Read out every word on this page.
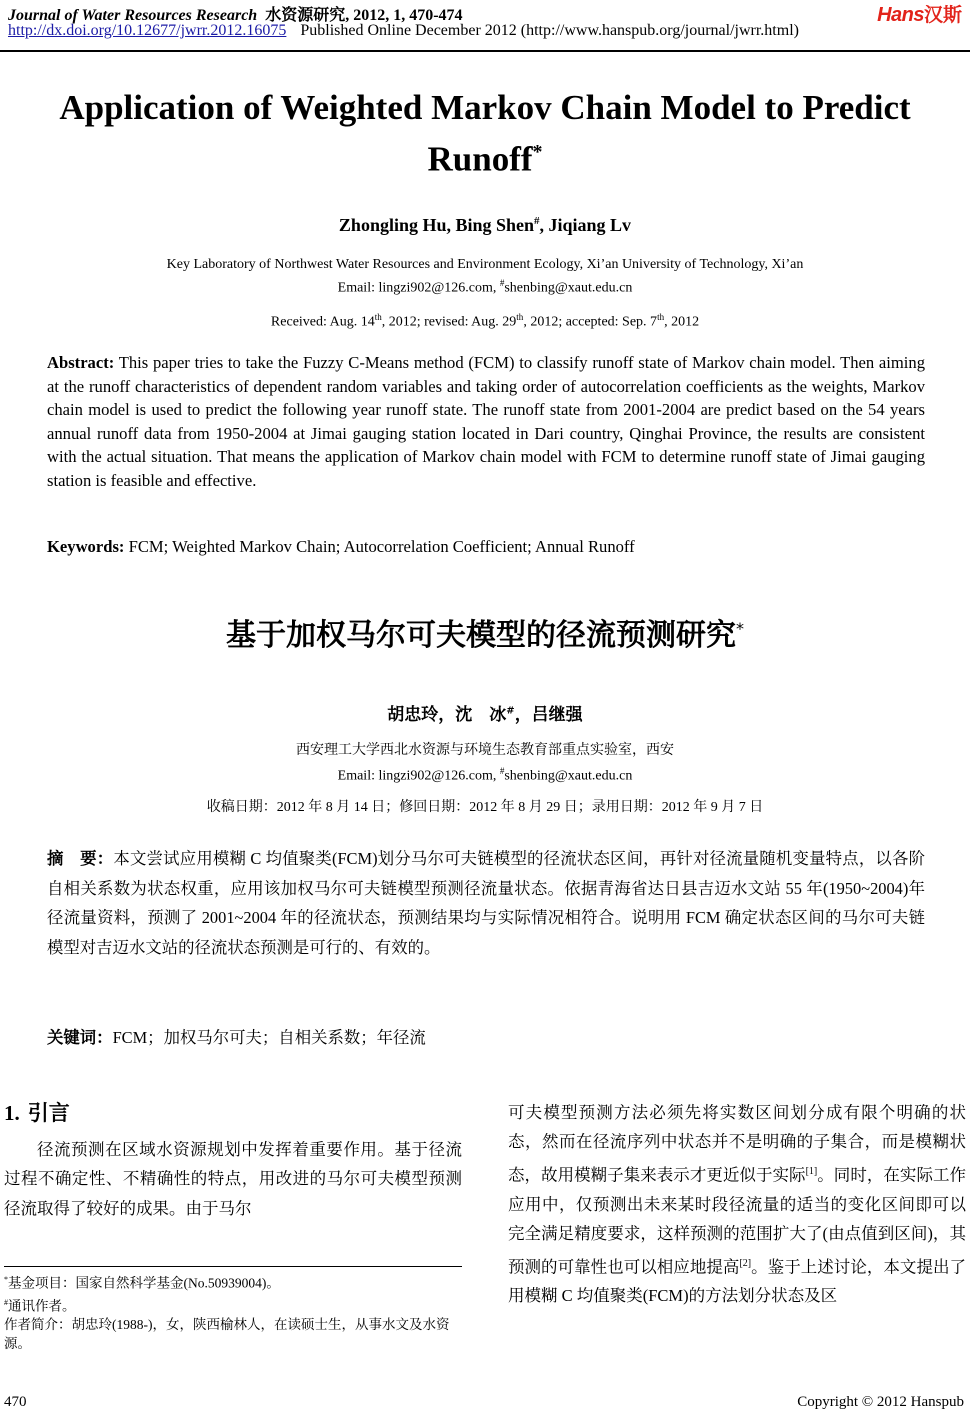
Journal of Water Resources Research 水资源研究, 2012, 1, 470-474	Hans汉斯
http://dx.doi.org/10.12677/jwrr.2012.16075 Published Online December 2012 (http://www.hanspub.org/journal/jwrr.html)
Application of Weighted Markov Chain Model to Predict Runoff*
Zhongling Hu, Bing Shen#, Jiqiang Lv
Key Laboratory of Northwest Water Resources and Environment Ecology, Xi’an University of Technology, Xi’an
Email: lingzi902@126.com, #shenbing@xaut.edu.cn
Received: Aug. 14th, 2012; revised: Aug. 29th, 2012; accepted: Sep. 7th, 2012
Abstract: This paper tries to take the Fuzzy C-Means method (FCM) to classify runoff state of Markov chain model. Then aiming at the runoff characteristics of dependent random variables and taking order of autocorrelation coefficients as the weights, Markov chain model is used to predict the following year runoff state. The runoff state from 2001-2004 are predict based on the 54 years annual runoff data from 1950-2004 at Jimai gauging station located in Dari country, Qinghai Province, the results are consistent with the actual situation. That means the application of Markov chain model with FCM to determine runoff state of Jimai gauging station is feasible and effective.
Keywords: FCM; Weighted Markov Chain; Autocorrelation Coefficient; Annual Runoff
基于加权马尔可夫模型的径流预测研究*
胡忠玲，沈　冰#，吕继强
西安理工大学西北水资源与环境生态教育部重点实验室，西安
Email: lingzi902@126.com, #shenbing@xaut.edu.cn
收稿日期：2012 年 8 月 14 日；修回日期：2012 年 8 月 29 日；录用日期：2012 年 9 月 7 日
摘　要：本文尝试应用模糊 C 均值聚类(FCM)划分马尔可夫链模型的径流状态区间，再针对径流量随机变量特点，以各阶自相关系数为状态权重，应用该加权马尔可夫链模型预测径流量状态。依据青海省达日县吉迈水文站 55 年(1950~2004)年径流量资料，预测了 2001~2004 年的径流状态，预测结果均与实际情况相符合。说明用 FCM 确定状态区间的马尔可夫链模型对吉迈水文站的径流状态预测是可行的、有效的。
关键词：FCM；加权马尔可夫；自相关系数；年径流
1. 引言
径流预测在区域水资源规划中发挥着重要作用。基于径流过程不确定性、不精确性的特点，用改进的马尔可夫模型预测径流取得了较好的成果。由于马尔
可夫模型预测方法必须先将实数区间划分成有限个明确的状态，然而在径流序列中状态并不是明确的子集合，而是模糊状态，故用模糊子集来表示才更近似于实际[1]。同时，在实际工作应用中，仅预测出未来某时段径流量的适当的变化区间即可以完全满足精度要求，这样预测的范围扩大了(由点值到区间)，其预测的可靠性也可以相应地提高[2]。鉴于上述讨论，本文提出了用模糊 C 均值聚类(FCM)的方法划分状态及区
*基金项目：国家自然科学基金(No.50939004)。
#通讯作者。
作者简介：胡忠玲(1988-)，女，陕西榆林人，在读硕士生，从事水文及水资源。
470	Copyright © 2012 Hanspub
